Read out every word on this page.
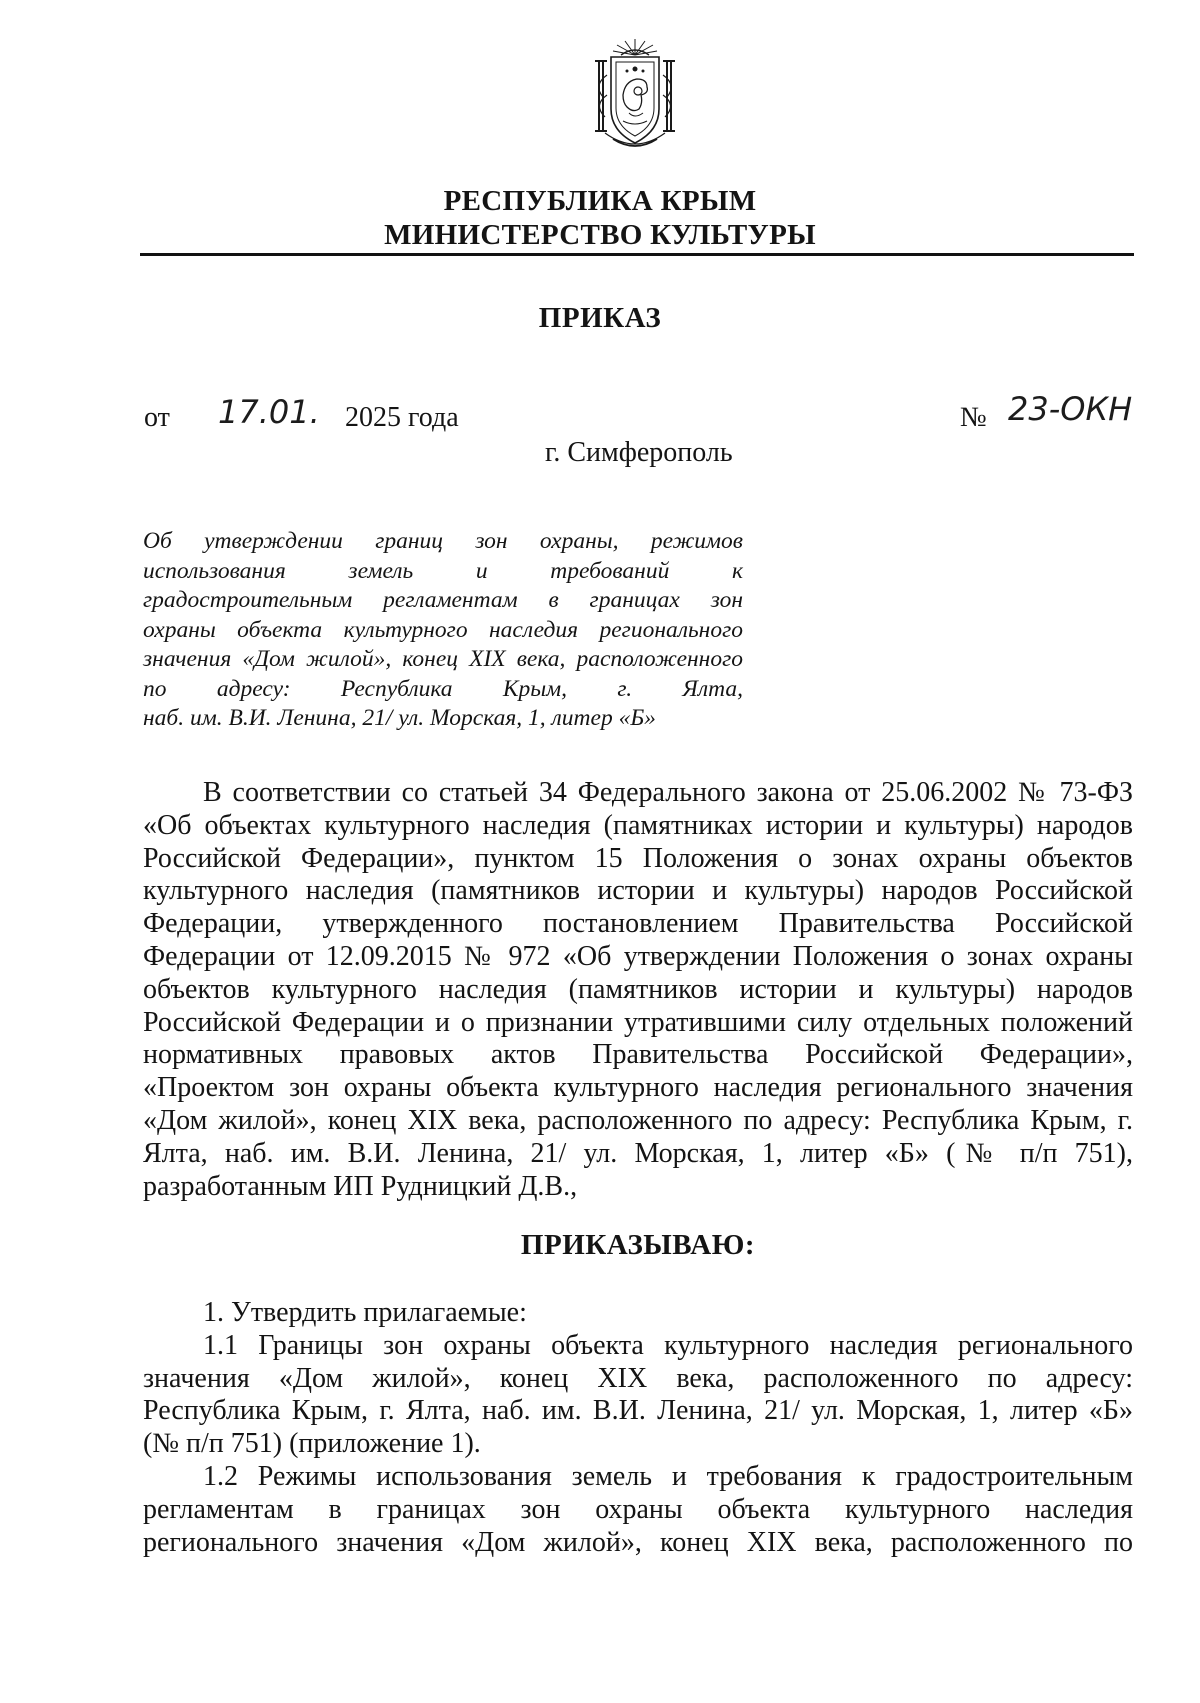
РЕСПУБЛИКА КРЫМ
МИНИСТЕРСТВО КУЛЬТУРЫ
ПРИКАЗ
от 17.01. 2025 года	№ 23-ОКН
г. Симферополь
Об утверждении границ зон охраны, режимов
использования земель и требований к
градостроительным регламентам в границах зон
охраны объекта культурного наследия регионального
значения «Дом жилой», конец XIX века, расположенного
по адресу: Республика Крым, г. Ялта,
наб. им. В.И. Ленина, 21/ ул. Морская, 1, литер «Б»
В соответствии со статьей 34 Федерального закона от 25.06.2002 № 73-ФЗ
«Об объектах культурного наследия (памятниках истории и культуры) народов
Российской Федерации», пунктом 15 Положения о зонах охраны объектов
культурного наследия (памятников истории и культуры) народов Российской
Федерации, утвержденного постановлением Правительства Российской
Федерации от 12.09.2015 № 972 «Об утверждении Положения о зонах охраны
объектов культурного наследия (памятников истории и культуры) народов
Российской Федерации и о признании утратившими силу отдельных положений
нормативных правовых актов Правительства Российской Федерации»,
«Проектом зон охраны объекта культурного наследия регионального значения
«Дом жилой», конец XIX века, расположенного по адресу: Республика Крым, г.
Ялта, наб. им. В.И. Ленина, 21/ ул. Морская, 1, литер «Б» (№ п/п 751),
разработанным ИП Рудницкий Д.В.,
ПРИКАЗЫВАЮ:
1. Утвердить прилагаемые:
1.1 Границы зон охраны объекта культурного наследия регионального
значения «Дом жилой», конец XIX века, расположенного по адресу:
Республика Крым, г. Ялта, наб. им. В.И. Ленина, 21/ ул. Морская, 1, литер «Б»
(№ п/п 751) (приложение 1).
1.2 Режимы использования земель и требования к градостроительным
регламентам в границах зон охраны объекта культурного наследия
регионального значения «Дом жилой», конец XIX века, расположенного по
